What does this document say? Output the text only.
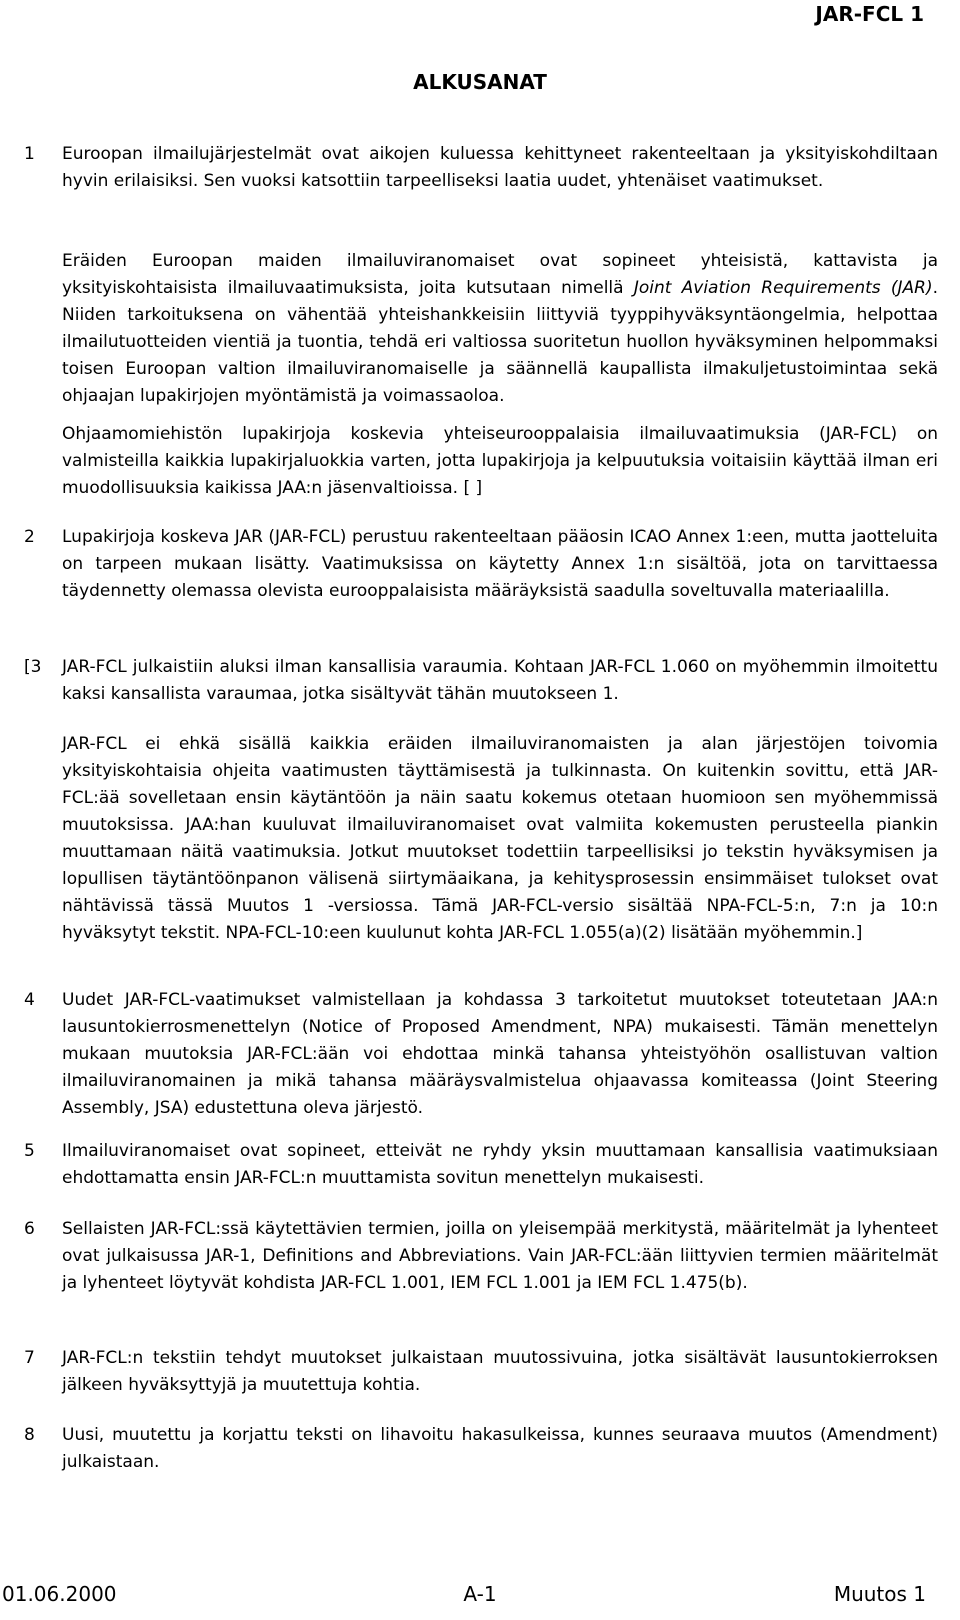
JAR-FCL 1
ALKUSANAT
1 Euroopan ilmailujärjestelmät ovat aikojen kuluessa kehittyneet rakenteeltaan ja yksityiskohdiltaan hyvin erilaisiksi. Sen vuoksi katsottiin tarpeelliseksi laatia uudet, yhtenäiset vaatimukset.
Eräiden Euroopan maiden ilmailuviranomaiset ovat sopineet yhteisistä, kattavista ja yksityiskohtaisista ilmailuvaatimuksista, joita kutsutaan nimellä Joint Aviation Requirements (JAR). Niiden tarkoituksena on vähentää yhteishankkeisiin liittyviä tyyppihyväksyntäongelmia, helpottaa ilmailutuotteiden vientiä ja tuontia, tehdä eri valtiossa suoritetun huollon hyväksyminen helpommaksi toisen Euroopan valtion ilmailuviranomaiselle ja säännellä kaupallista ilmakuljetustoimintaa sekä ohjaajan lupakirjojen myöntämistä ja voimassaoloa.
Ohjaamomiehistön lupakirjoja koskevia yhteiseurooppalaisia ilmailuvaatimuksia (JAR-FCL) on valmisteilla kaikkia lupakirjaluokkia varten, jotta lupakirjoja ja kelpuutuksia voitaisiin käyttää ilman eri muodollisuuksia kaikissa JAA:n jäsenvaltioissa. [ ]
2 Lupakirjoja koskeva JAR (JAR-FCL) perustuu rakenteeltaan pääosin ICAO Annex 1:een, mutta jaotteluita on tarpeen mukaan lisätty. Vaatimuksissa on käytetty Annex 1:n sisältöä, jota on tarvittaessa täydennetty olemassa olevista eurooppalaisista määräyksistä saadulla soveltuvalla materiaalilla.
[3 JAR-FCL julkaistiin aluksi ilman kansallisia varaumia. Kohtaan JAR-FCL 1.060 on myöhemmin ilmoitettu kaksi kansallista varaumaa, jotka sisältyvät tähän muutokseen 1.
JAR-FCL ei ehkä sisällä kaikkia eräiden ilmailuviranomaisten ja alan järjestöjen toivomia yksityiskohtaisia ohjeita vaatimusten täyttämisestä ja tulkinnasta. On kuitenkin sovittu, että JAR-FCL:ää sovelletaan ensin käytäntöön ja näin saatu kokemus otetaan huomioon sen myöhemmissä muutoksissa. JAA:han kuuluvat ilmailuviranomaiset ovat valmiita kokemusten perusteella piankin muuttamaan näitä vaatimuksia. Jotkut muutokset todettiin tarpeellisiksi jo tekstin hyväksymisen ja lopullisen täytäntöönpanon välisenä siirtymäaikana, ja kehitysprosessin ensimmäiset tulokset ovat nähtävissä tässä Muutos 1 -versiossa. Tämä JAR-FCL-versio sisältää NPA-FCL-5:n, 7:n ja 10:n hyväksytyt tekstit. NPA-FCL-10:een kuulunut kohta JAR-FCL 1.055(a)(2) lisätään myöhemmin.]
4 Uudet JAR-FCL-vaatimukset valmistellaan ja kohdassa 3 tarkoitetut muutokset toteutetaan JAA:n lausuntokierrosmenettelyn (Notice of Proposed Amendment, NPA) mukaisesti. Tämän menettelyn mukaan muutoksia JAR-FCL:ään voi ehdottaa minkä tahansa yhteistyöhön osallistuvan valtion ilmailuviranomainen ja mikä tahansa määräysvalmistelua ohjaavassa komiteassa (Joint Steering Assembly, JSA) edustettuna oleva järjestö.
5 Ilmailuviranomaiset ovat sopineet, etteivät ne ryhdy yksin muuttamaan kansallisia vaatimuksiaan ehdottamatta ensin JAR-FCL:n muuttamista sovitun menettelyn mukaisesti.
6 Sellaisten JAR-FCL:ssä käytettävien termien, joilla on yleisempää merkitystä, määritelmät ja lyhenteet ovat julkaisussa JAR-1, Definitions and Abbreviations. Vain JAR-FCL:ään liittyvien termien määritelmät ja lyhenteet löytyvät kohdista JAR-FCL 1.001, IEM FCL 1.001 ja IEM FCL 1.475(b).
7 JAR-FCL:n tekstiin tehdyt muutokset julkaistaan muutossivuina, jotka sisältävät lausuntokierroksen jälkeen hyväksyttyjä ja muutettuja kohtia.
8 Uusi, muutettu ja korjattu teksti on lihavoitu hakasulkeissa, kunnes seuraava muutos (Amendment) julkaistaan.
01.06.2000	A-1	Muutos 1
